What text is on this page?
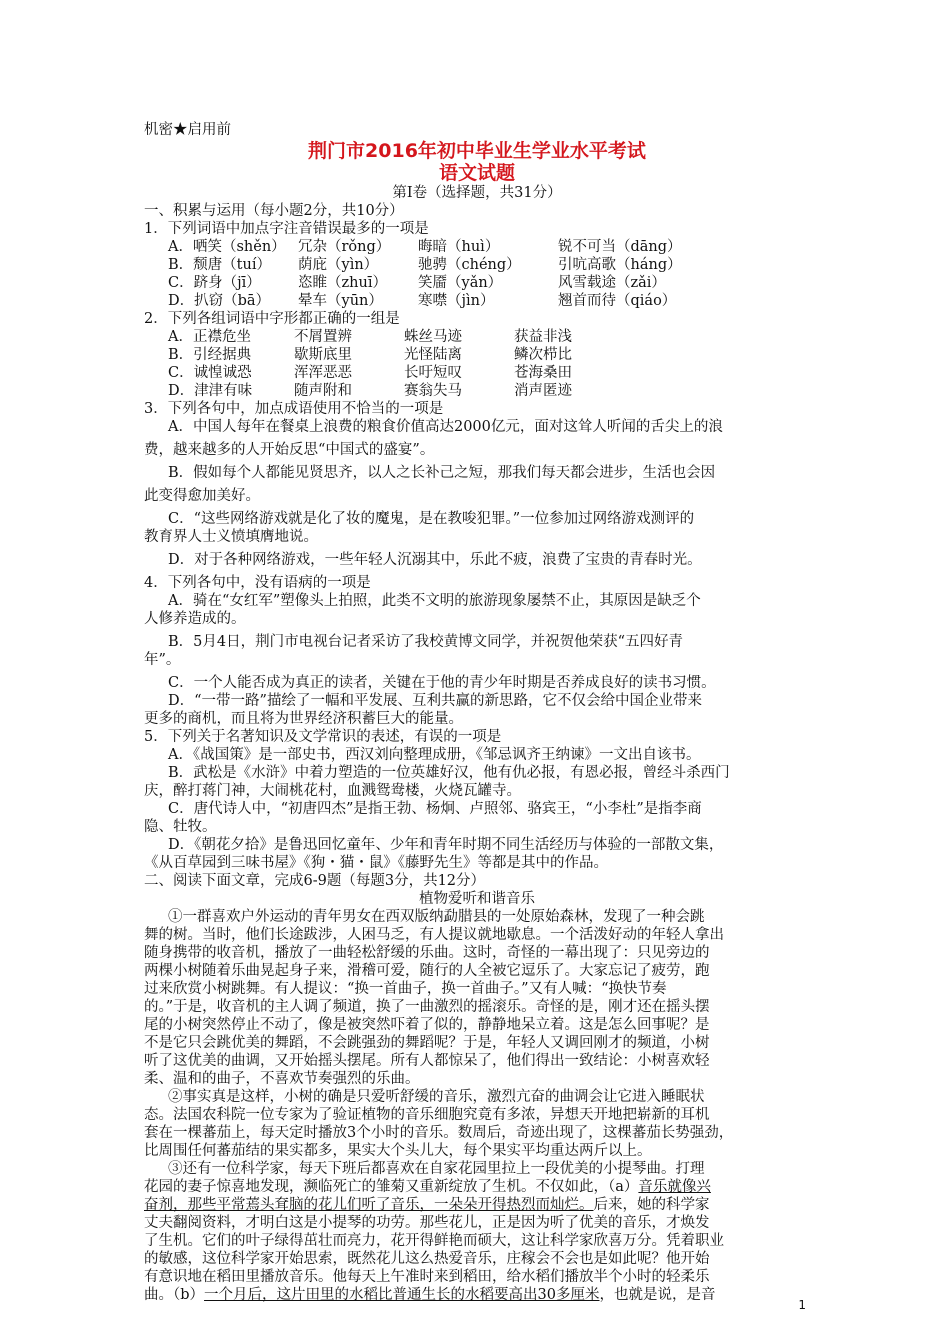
机密★启用前
荆门市2016年初中毕业生学业水平考试
语文试题
第Ⅰ卷（选择题，共31分）
一、积累与运用（每小题2分，共10分）
1．下列词语中加点字注音错误最多的一项是
A．哂笑（shěn） 冗杂（rǒng）	晦暗（huì）	锐不可当（dāng）
B．颓唐（tuí）	荫庇（yìn）	驰骋（chéng）	引吭高歌（háng）
C．跻身（jī）	恣睢（zhuī）	笑靥（yǎn）	风雪载途（zǎi）
D．扒窃（bā）	晕车（yūn）	寒噤（jìn）	翘首而待（qiáo）
2．下列各组词语中字形都正确的一组是
A．正襟危坐	不屑置辨	蛛丝马迹	获益非浅
B．引经据典	歇斯底里	光怪陆离	鳞次栉比
C．诚惶诚恐	浑浑恶恶	长吁短叹	苍海桑田
D．津津有味	随声附和	赛翁失马	消声匿迹
3．下列各句中，加点成语使用不恰当的一项是
A．中国人每年在餐桌上浪费的粮食价值高达2000亿元，面对这耸人听闻的舌尖上的浪
费，越来越多的人开始反思“中国式的盛宴”。
B．假如每个人都能见贤思齐，以人之长补己之短，那我们每天都会进步，生活也会因
此变得愈加美好。
C．“这些网络游戏就是化了妆的魔鬼，是在教唆犯罪。”一位参加过网络游戏测评的
教育界人士义愤填膺地说。
D．对于各种网络游戏，一些年轻人沉溺其中，乐此不疲，浪费了宝贵的青春时光。
4．下列各句中，没有语病的一项是
A．骑在“女红军”塑像头上拍照，此类不文明的旅游现象屡禁不止，其原因是缺乏个
人修养造成的。
B．5月4日，荆门市电视台记者采访了我校黄博文同学，并祝贺他荣获“五四好青
年”。
C．一个人能否成为真正的读者，关键在于他的青少年时期是否养成良好的读书习惯。
D．“一带一路”描绘了一幅和平发展、互利共赢的新思路，它不仅会给中国企业带来
更多的商机，而且将为世界经济积蓄巨大的能量。
5．下列关于名著知识及文学常识的表述，有误的一项是
A．《战国策》是一部史书，西汉刘向整理成册，《邹忌讽齐王纳谏》一文出自该书。
B．武松是《水浒》中着力塑造的一位英雄好汉，他有仇必报，有恩必报，曾经斗杀西门
庆，醉打蒋门神，大闹桃花村，血溅鸳鸯楼，火烧瓦罐寺。
C．唐代诗人中，“初唐四杰”是指王勃、杨炯、卢照邻、骆宾王，“小李杜”是指李商
隐、牡牧。
D．《朝花夕拾》是鲁迅回忆童年、少年和青年时期不同生活经历与体验的一部散文集，
《从百草园到三味书屋》《狗・猫・鼠》《藤野先生》等都是其中的作品。
二、阅读下面文章，完成6-9题（每题3分，共12分）
植物爱听和谐音乐
①一群喜欢户外运动的青年男女在西双版纳勐腊县的一处原始森林，发现了一种会跳
舞的树。当时，他们长途跋涉，人困马乏，有人提议就地歇息。一个活泼好动的年轻人拿出
随身携带的收音机，播放了一曲轻松舒缓的乐曲。这时，奇怪的一幕出现了：只见旁边的
两棵小树随着乐曲晃起身子来，滑稽可爱，随行的人全被它逗乐了。大家忘记了疲劳，跑
过来欣赏小树跳舞。有人提议：“换一首曲子，换一首曲子。”又有人喊：“换快节奏
的。”于是，收音机的主人调了频道，换了一曲激烈的摇滚乐。奇怪的是，刚才还在摇头摆
尾的小树突然停止不动了，像是被突然吓着了似的，静静地呆立着。这是怎么回事呢？是
不是它只会跳优美的舞蹈，不会跳强劲的舞蹈呢？于是，年轻人又调回刚才的频道，小树
听了这优美的曲调，又开始摇头摆尾。所有人都惊呆了，他们得出一致结论：小树喜欢轻
柔、温和的曲子，不喜欢节奏强烈的乐曲。
②事实真是这样，小树的确是只爱听舒缓的音乐，激烈亢奋的曲调会让它进入睡眠状
态。法国农科院一位专家为了验证植物的音乐细胞究竟有多浓，异想天开地把崭新的耳机
套在一棵蕃茄上，每天定时播放3个小时的音乐。数周后，奇迹出现了，这棵蕃茄长势强劲，
比周围任何蕃茄结的果实都多，果实大个头儿大，每个果实平均重达两斤以上。
③还有一位科学家，每天下班后都喜欢在自家花园里拉上一段优美的小提琴曲。打理
花园的妻子惊喜地发现，濒临死亡的雏菊又重新绽放了生机。不仅如此，（a）音乐就像兴
奋剂，那些平常蔫头耷脑的花儿们听了音乐，一朵朵开得热烈而灿烂。后来，她的科学家
丈夫翻阅资料，才明白这是小提琴的功劳。那些花儿，正是因为听了优美的音乐，才焕发
了生机。它们的叶子绿得茁壮而亮力，花开得鲜艳而硕大，这让科学家欣喜万分。凭着职业
的敏感，这位科学家开始思索，既然花儿这么热爱音乐，庄稼会不会也是如此呢？他开始
有意识地在稻田里播放音乐。他每天上午准时来到稻田，给水稻们播放半个小时的轻柔乐
曲。（b）一个月后，这片田里的水稻比普通生长的水稻要高出30多厘米，也就是说，是音
1
